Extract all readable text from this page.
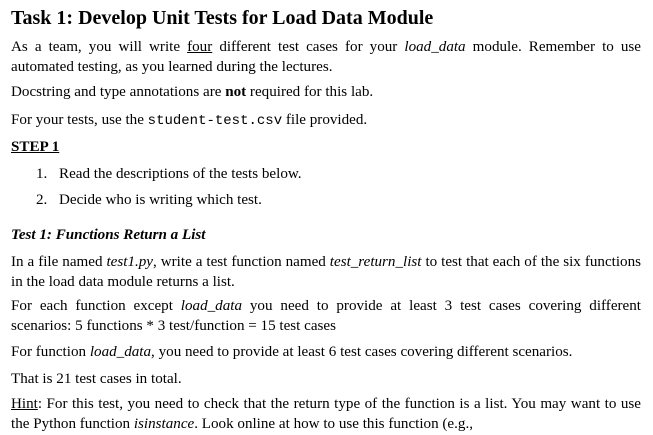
Task 1: Develop Unit Tests for Load Data Module
As a team, you will write four different test cases for your load_data module. Remember to use automated testing, as you learned during the lectures.
Docstring and type annotations are not required for this lab.
For your tests, use the student-test.csv file provided.
STEP 1
1. Read the descriptions of the tests below.
2. Decide who is writing which test.
Test 1: Functions Return a List
In a file named test1.py, write a test function named test_return_list to test that each of the six functions in the load data module returns a list.
For each function except load_data you need to provide at least 3 test cases covering different scenarios: 5 functions * 3 test/function = 15 test cases
For function load_data, you need to provide at least 6 test cases covering different scenarios.
That is 21 test cases in total.
Hint: For this test, you need to check that the return type of the function is a list. You may want to use the Python function isinstance. Look online at how to use this function (e.g.,
